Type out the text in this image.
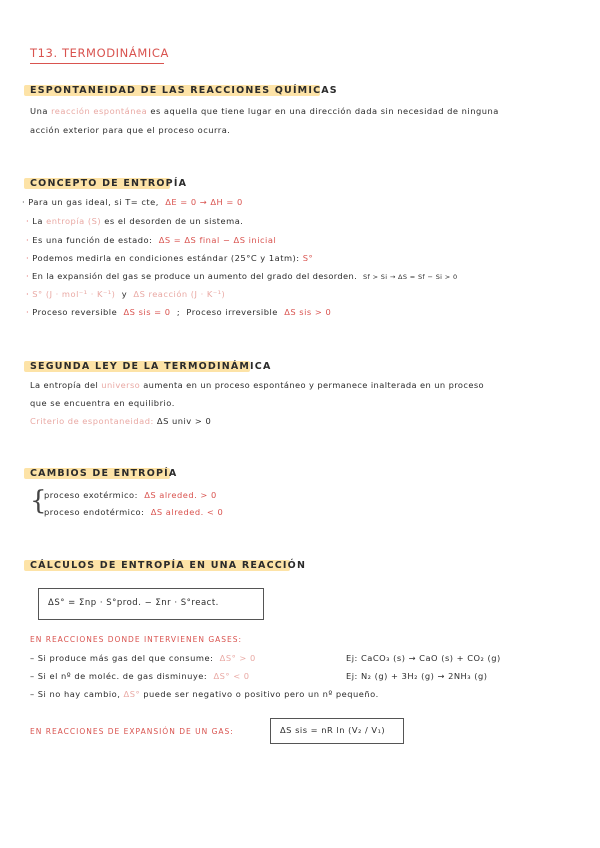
T13. TERMODINÁMICA
ESPONTANEIDAD DE LAS REACCIONES QUÍMICAS
Una reacción espontánea es aquella que tiene lugar en una dirección dada sin necesidad de ninguna
acción exterior para que el proceso ocurra.
CONCEPTO DE ENTROPÍA
· Para un gas ideal, si T= cte, ΔE = 0 → ΔH = 0
· La entropía (S) es el desorden de un sistema.
· Es una función de estado: ΔS = ΔS final − ΔS inicial
· Podemos medirla en condiciones estándar (25°C y 1atm): S°
· En la expansión del gas se produce un aumento del grado del desorden. Sf > Si → ΔS = Sf − Si > 0
· S° (J · mol⁻¹ · K⁻¹) y ΔS reacción (J · K⁻¹)
· Proceso reversible ΔS sis = 0 ; Proceso irreversible ΔS sis > 0
SEGUNDA LEY DE LA TERMODINÁMICA
La entropía del universo aumenta en un proceso espontáneo y permanece inalterada en un proceso
que se encuentra en equilibrio.
Criterio de espontaneidad: ΔS univ > 0
CAMBIOS DE ENTROPÍA
{
proceso exotérmico: ΔS alreded. > 0
proceso endotérmico: ΔS alreded. < 0
CÁLCULOS DE ENTROPÍA EN UNA REACCIÓN
ΔS° = Σnp · S°prod. − Σnr · S°react.
EN REACCIONES DONDE INTERVIENEN GASES:
– Si produce más gas del que consume: ΔS° > 0	Ej: CaCO₃ (s) → CaO (s) + CO₂ (g)
– Si el nº de moléc. de gas disminuye: ΔS° < 0	Ej: N₂ (g) + 3H₂ (g) → 2NH₃ (g)
– Si no hay cambio, ΔS° puede ser negativo o positivo pero un nº pequeño.
EN REACCIONES DE EXPANSIÓN DE UN GAS:	ΔS sis = nR ln (V₂ / V₁)
